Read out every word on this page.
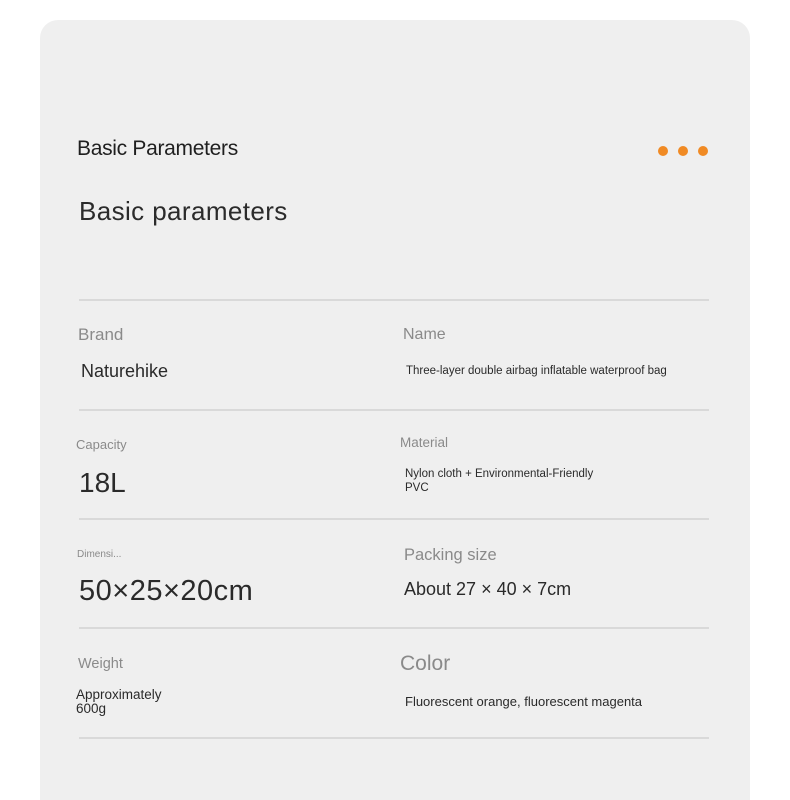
Basic Parameters
Basic parameters
Brand
Naturehike
Name
Three-layer double airbag inflatable waterproof bag
Capacity
18L
Material
Nylon cloth + Environmental-Friendly
PVC
Dimensi...
50×25×20cm
Packing size
About 27 × 40 × 7cm
Weight
Approximately
600g
Color
Fluorescent orange, fluorescent magenta
